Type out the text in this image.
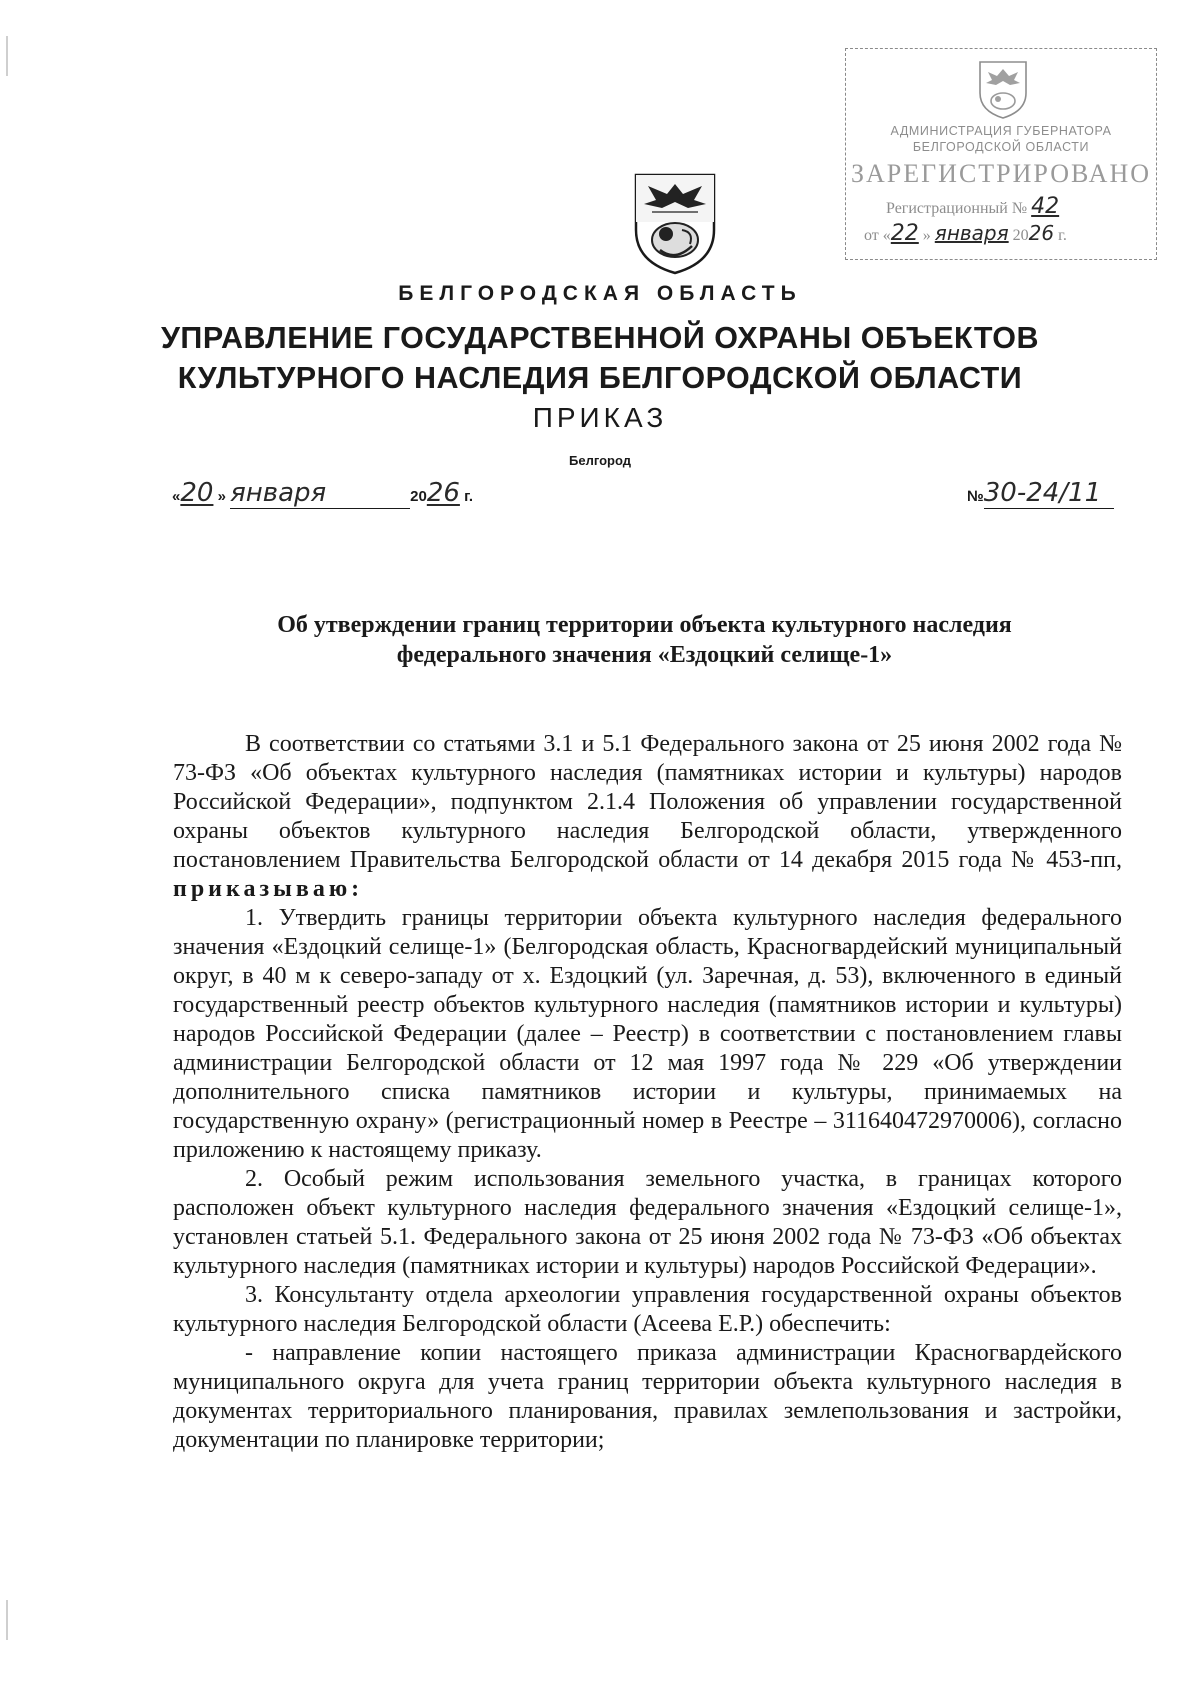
АДМИНИСТРАЦИЯ ГУБЕРНАТОРА
БЕЛГОРОДСКОЙ ОБЛАСТИ
ЗАРЕГИСТРИРОВАНО
Регистрационный № 42
от «22 » января 2026 г.
БЕЛГОРОДСКАЯ ОБЛАСТЬ
УПРАВЛЕНИЕ ГОСУДАРСТВЕННОЙ ОХРАНЫ ОБЪЕКТОВ
КУЛЬТУРНОГО НАСЛЕДИЯ БЕЛГОРОДСКОЙ ОБЛАСТИ
ПРИКАЗ
Белгород
«20 » января	2026 г.	№30-24/11
Об утверждении границ территории объекта культурного наследия
федерального значения «Ездоцкий селище-1»

В соответствии со статьями 3.1 и 5.1 Федерального закона от 25 июня 2002 года № 73-ФЗ «Об объектах культурного наследия (памятниках истории и культуры) народов Российской Федерации», подпунктом 2.1.4 Положения об управлении государственной охраны объектов культурного наследия Белгородской области, утвержденного постановлением Правительства Белгородской области от 14 декабря 2015 года № 453-пп, приказываю:

1. Утвердить границы территории объекта культурного наследия федерального значения «Ездоцкий селище-1» (Белгородская область, Красногвардейский муниципальный округ, в 40 м к северо-западу от х. Ездоцкий (ул. Заречная, д. 53), включенного в единый государственный реестр объектов культурного наследия (памятников истории и культуры) народов Российской Федерации (далее – Реестр) в соответствии с постановлением главы администрации Белгородской области от 12 мая 1997 года № 229 «Об утверждении дополнительного списка памятников истории и культуры, принимаемых на государственную охрану» (регистрационный номер в Реестре – 311640472970006), согласно приложению к настоящему приказу.

2. Особый режим использования земельного участка, в границах которого расположен объект культурного наследия федерального значения «Ездоцкий селище-1», установлен статьей 5.1. Федерального закона от 25 июня 2002 года № 73-ФЗ «Об объектах культурного наследия (памятниках истории и культуры) народов Российской Федерации».

3. Консультанту отдела археологии управления государственной охраны объектов культурного наследия Белгородской области (Асеева Е.Р.) обеспечить:

- направление копии настоящего приказа администрации Красногвардейского муниципального округа для учета границ территории объекта культурного наследия в документах территориального планирования, правилах землепользования и застройки, документации по планировке территории;
